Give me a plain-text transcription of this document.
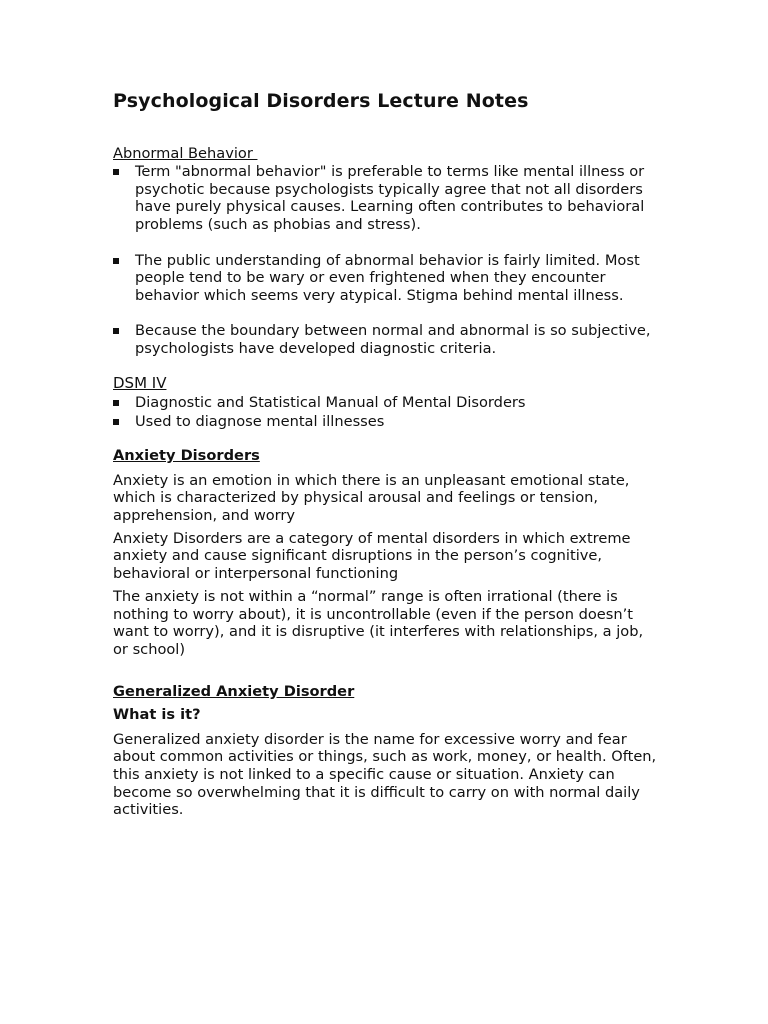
Psychological Disorders Lecture Notes
Abnormal Behavior
Term "abnormal behavior" is preferable to terms like mental illness or psychotic because psychologists typically agree that not all disorders have purely physical causes. Learning often contributes to behavioral problems (such as phobias and stress).
The public understanding of abnormal behavior is fairly limited. Most people tend to be wary or even frightened when they encounter behavior which seems very atypical. Stigma behind mental illness.
Because the boundary between normal and abnormal is so subjective, psychologists have developed diagnostic criteria.
DSM IV
Diagnostic and Statistical Manual of Mental Disorders
Used to diagnose mental illnesses
Anxiety Disorders

Anxiety is an emotion in which there is an unpleasant emotional state, which is characterized by physical arousal and feelings or tension, apprehension, and worry

Anxiety Disorders are a category of mental disorders in which extreme anxiety and cause significant disruptions in the person’s cognitive, behavioral or interpersonal functioning

The anxiety is not within a “normal” range is often irrational (there is nothing to worry about), it is uncontrollable (even if the person doesn’t want to worry), and it is disruptive (it interferes with relationships, a job, or school)

Generalized Anxiety Disorder
What is it?

Generalized anxiety disorder is the name for excessive worry and fear about common activities or things, such as work, money, or health. Often, this anxiety is not linked to a specific cause or situation. Anxiety can become so overwhelming that it is difficult to carry on with normal daily activities.
